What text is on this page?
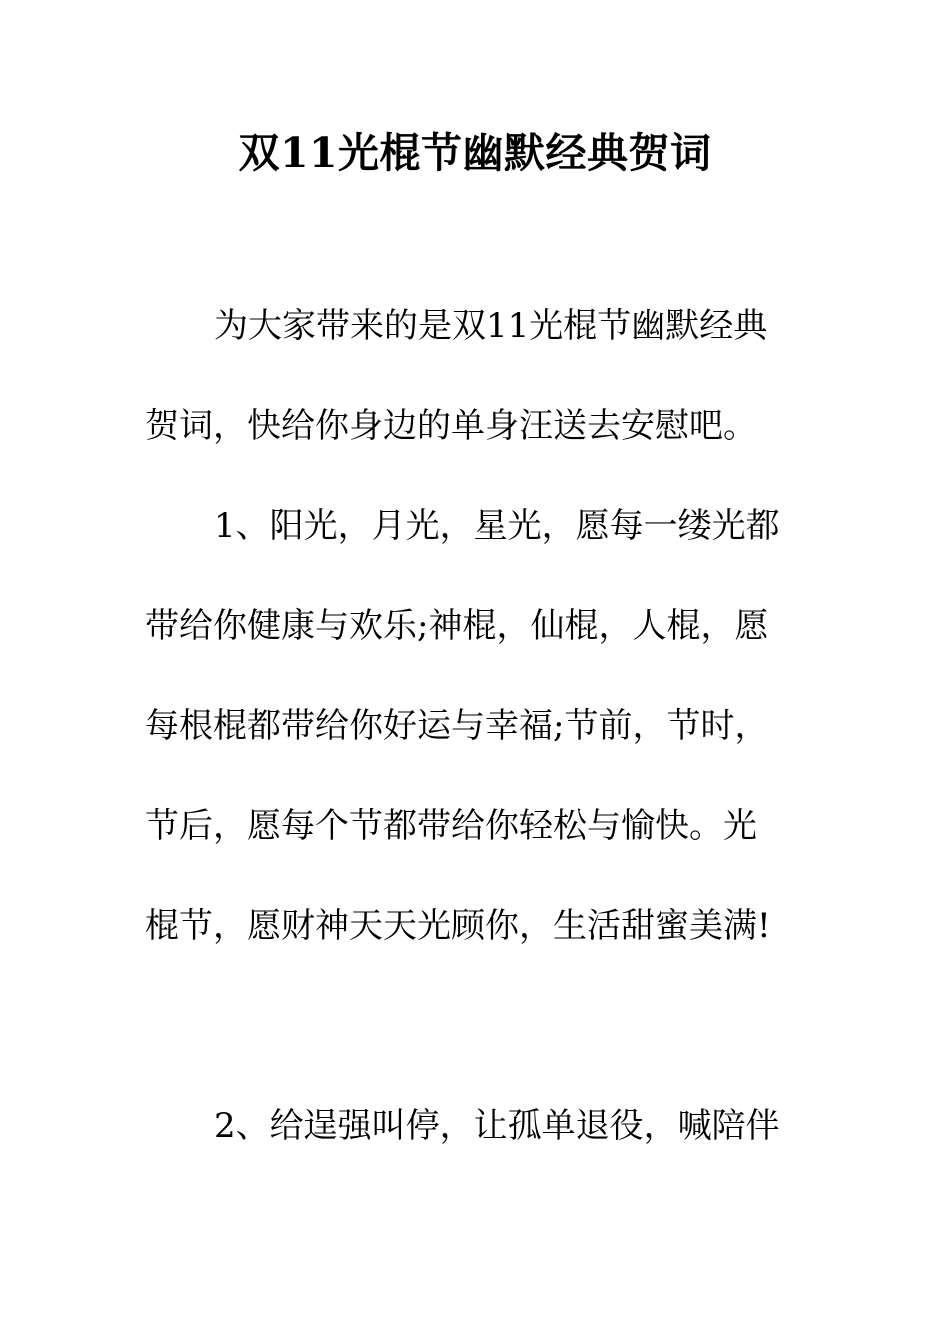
双11光棍节幽默经典贺词
为大家带来的是双11光棍节幽默经典
贺词，快给你身边的单身汪送去安慰吧。
1、阳光，月光，星光，愿每一缕光都
带给你健康与欢乐;神棍，仙棍，人棍，愿
每根棍都带给你好运与幸福;节前，节时，
节后，愿每个节都带给你轻松与愉快。光
棍节，愿财神天天光顾你，生活甜蜜美满!
2、给逞强叫停，让孤单退役，喊陪伴
